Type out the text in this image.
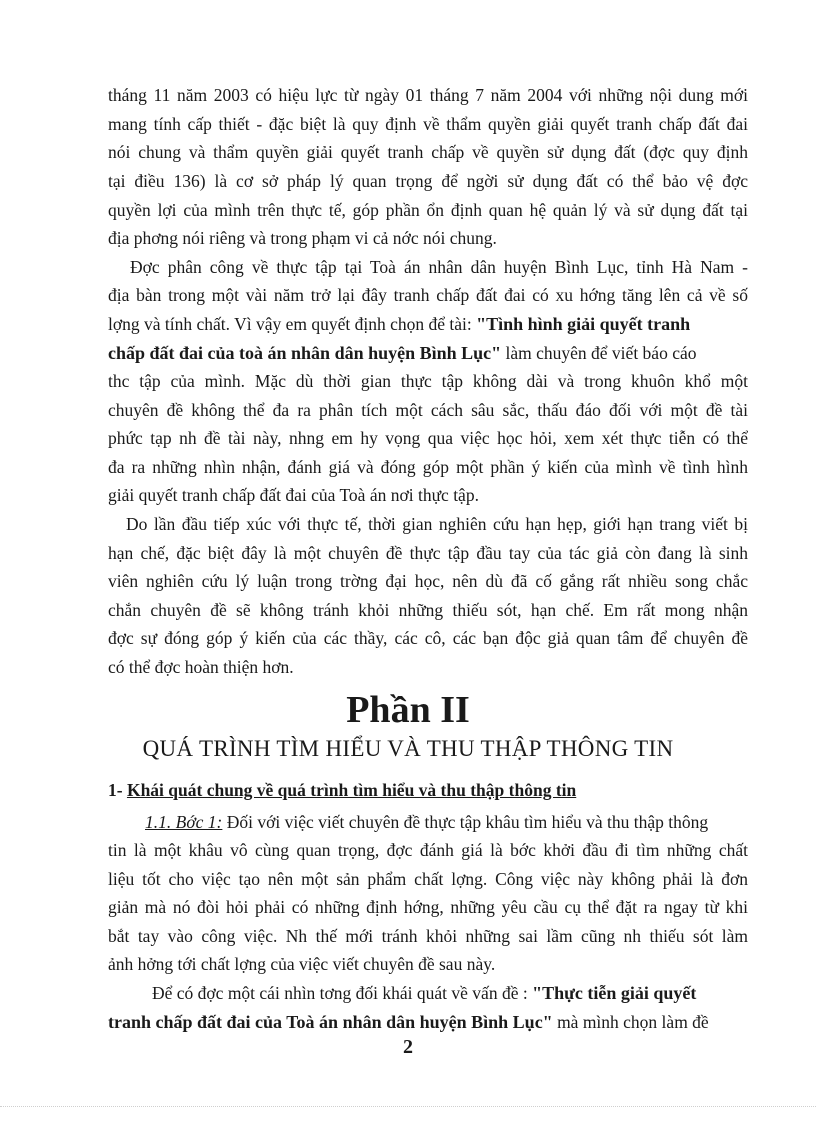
tháng 11 năm 2003 có hiệu lực từ ngày 01 tháng 7 năm 2004 với những nội dung mới
mang tính cấp thiết - đặc biệt là quy định về thẩm quyền giải quyết tranh chấp đất đai
nói chung và thẩm quyền giải quyết tranh chấp về quyền sử dụng đất (đợc quy định
tại điều 136) là cơ sở pháp lý quan trọng để ngời sử dụng đất có thể bảo vệ đợc
quyền lợi của mình trên thực tế, góp phần ổn định quan hệ quản lý và sử dụng đất tại
địa phơng nói riêng và trong phạm vi cả nớc nói chung.
Đợc phân công về thực tập tại Toà án nhân dân huyện Bình Lục, tỉnh Hà Nam -
địa bàn trong một vài năm trở lại đây tranh chấp đất đai có xu hớng tăng lên cả về số
lợng và tính chất. Vì vậy em quyết định chọn để tài: "Tình hình giải quyết tranh
chấp đất đai của toà án nhân dân huyện Bình Lục" làm chuyên để viết báo cáo
thc tập của mình. Mặc dù thời gian thực tập không dài và trong khuôn khổ một
chuyên đề không thể đa ra phân tích một cách sâu sắc, thấu đáo đối với một đề tài
phức tạp nh đề tài này, nhng em hy vọng qua việc học hỏi, xem xét thực tiễn có thể
đa ra những nhìn nhận, đánh giá và đóng góp một phần ý kiến của mình về tình hình
giải quyết tranh chấp đất đai của Toà án nơi thực tập.
Do lần đầu tiếp xúc với thực tế, thời gian nghiên cứu hạn hẹp, giới hạn trang viết bị
hạn chế, đặc biệt đây là một chuyên đề thực tập đầu tay của tác giả còn đang là sinh
viên nghiên cứu lý luận trong trờng đại học, nên dù đã cố gắng rất nhiều song chắc
chắn chuyên đề sẽ không tránh khỏi những thiếu sót, hạn chế. Em rất mong nhận
đợc sự đóng góp ý kiến của các thầy, các cô, các bạn độc giả quan tâm để chuyên đề
có thể đợc hoàn thiện hơn.
Phần II
QUÁ TRÌNH TÌM HIỂU VÀ THU THẬP THÔNG TIN
1- Khái quát chung về quá trình tìm hiểu và thu thập thông tin
1.1. Bớc 1: Đối với việc viết chuyên đề thực tập khâu tìm hiểu và thu thập thông
tin là một khâu vô cùng quan trọng, đợc đánh giá là bớc khởi đầu đi tìm những chất
liệu tốt cho việc tạo nên một sản phẩm chất lợng. Công việc này không phải là đơn
giản mà nó đòi hỏi phải có những định hớng, những yêu cầu cụ thể đặt ra ngay từ khi
bắt tay vào công việc. Nh thế mới tránh khỏi những sai lầm cũng nh thiếu sót làm
ảnh hởng tới chất lợng của việc viết chuyên đề sau này.
Để có đợc một cái nhìn tơng đối khái quát về vấn đề : "Thực tiễn giải quyết
tranh chấp đất đai của Toà án nhân dân huyện Bình Lục" mà mình chọn làm đề
2
